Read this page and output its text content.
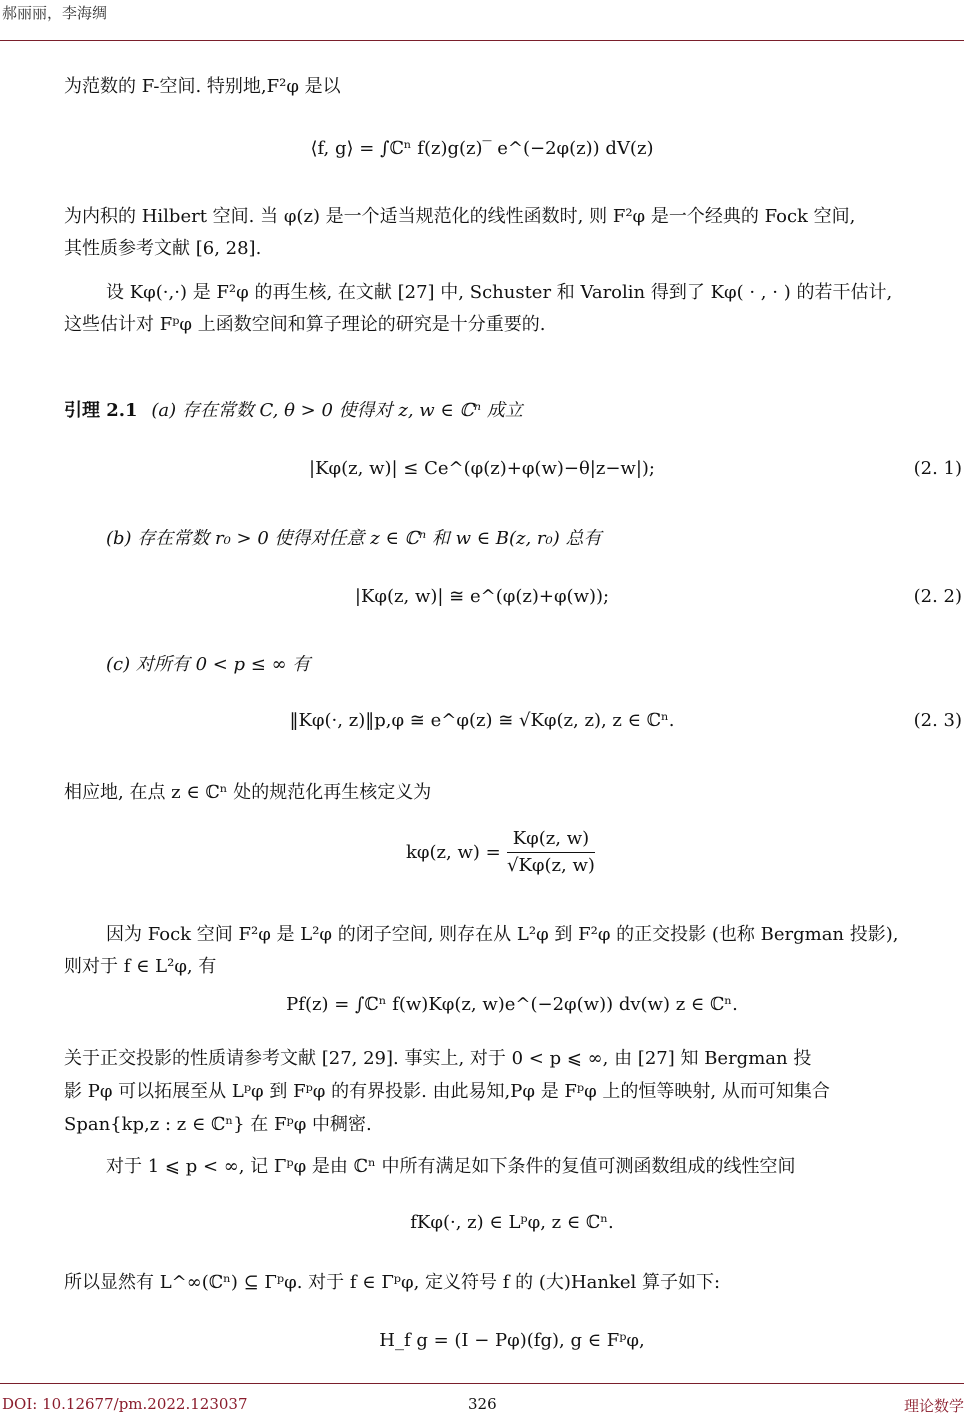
郝丽丽，李海绸
为范数的 F-空间. 特别地,F²φ 是以
⟨f, g⟩ = ∫ℂⁿ f(z)g(z)‾ e^(−2φ(z)) dV(z)
为内积的 Hilbert 空间. 当 φ(z) 是一个适当规范化的线性函数时, 则 F²φ 是一个经典的 Fock 空间,
其性质参考文献 [6, 28].
设 Kφ(·,·) 是 F²φ 的再生核, 在文献 [27] 中, Schuster 和 Varolin 得到了 Kφ( · , · ) 的若干估计,
这些估计对 Fᵖφ 上函数空间和算子理论的研究是十分重要的.
引理 2.1 (a) 存在常数 C, θ > 0 使得对 z, w ∈ ℂⁿ 成立
|Kφ(z, w)| ≤ Ce^(φ(z)+φ(w)−θ|z−w|);	(2. 1)
(b) 存在常数 r₀ > 0 使得对任意 z ∈ ℂⁿ 和 w ∈ B(z, r₀) 总有
|Kφ(z, w)| ≅ e^(φ(z)+φ(w));	(2. 2)
(c) 对所有 0 < p ≤ ∞ 有
‖Kφ(·, z)‖p,φ ≅ e^φ(z) ≅ √Kφ(z, z), z ∈ ℂⁿ.	(2. 3)
相应地, 在点 z ∈ ℂⁿ 处的规范化再生核定义为
kφ(z, $w) = \frac{K\varphi(z, w)}{√K\varphi(z, w)}$
因为 Fock 空间 F²φ 是 L²φ 的闭子空间, 则存在从 L²φ 到 F²φ 的正交投影 (也称 Bergman 投影),
则对于 f ∈ L²φ, 有
Pf(z) = ∫ℂⁿ f(w)Kφ(z, w)e^(−2φ(w)) dv(w) z ∈ ℂⁿ.
关于正交投影的性质请参考文献 [27, 29]. 事实上, 对于 0 < p ⩽ ∞, 由 [27] 知 Bergman 投
影 Pφ 可以拓展至从 Lᵖφ 到 Fᵖφ 的有界投影. 由此易知,Pφ 是 Fᵖφ 上的恒等映射, 从而可知集合
Span{kp,z : z ∈ ℂⁿ} 在 Fᵖφ 中稠密.
对于 1 ⩽ p < ∞, 记 Γᵖφ 是由 ℂⁿ 中所有满足如下条件的复值可测函数组成的线性空间
fKφ(·, z) ∈ Lᵖφ, z ∈ ℂⁿ.
所以显然有 L^∞(ℂⁿ) ⊆ Γᵖφ. 对于 f ∈ Γᵖφ, 定义符号 f 的 (大)Hankel 算子如下:
H_f g = (I − Pφ)(fg), g ∈ Fᵖφ,
DOI: 10.12677/pm.2022.123037	326	理论数学
